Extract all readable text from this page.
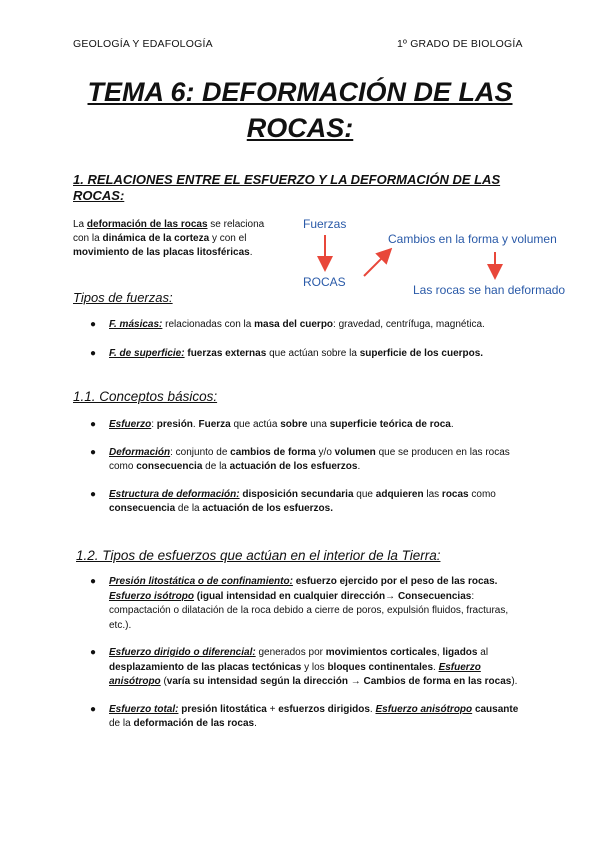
GEOLOGÍA Y EDAFOLOGÍA	1º GRADO DE BIOLOGÍA
TEMA 6: DEFORMACIÓN DE LAS
ROCAS:
1. RELACIONES ENTRE EL ESFUERZO Y LA DEFORMACIÓN DE LAS
ROCAS:
La deformación de las rocas se relaciona con la dinámica de la corteza y con el movimiento de las placas litosféricas.
Fuerzas
ROCAS
Cambios en la forma y volumen
Las rocas se han deformado
Tipos de fuerzas:
● F. másicas: relacionadas con la masa del cuerpo: gravedad, centrífuga, magnética.
● F. de superficie: fuerzas externas que actúan sobre la superficie de los cuerpos.
1.1. Conceptos básicos:
● Esfuerzo: presión. Fuerza que actúa sobre una superficie teórica de roca.
● Deformación: conjunto de cambios de forma y/o volumen que se producen en las rocas como consecuencia de la actuación de los esfuerzos.
● Estructura de deformación: disposición secundaria que adquieren las rocas como consecuencia de la actuación de los esfuerzos.
1.2. Tipos de esfuerzos que actúan en el interior de la Tierra:
● Presión litostática o de confinamiento: esfuerzo ejercido por el peso de las rocas. Esfuerzo isótropo (igual intensidad en cualquier dirección→ Consecuencias: compactación o dilatación de la roca debido a cierre de poros, expulsión fluidos, fracturas, etc.).
● Esfuerzo dirigido o diferencial: generados por movimientos corticales, ligados al desplazamiento de las placas tectónicas y los bloques continentales. Esfuerzo anisótropo (varía su intensidad según la dirección → Cambios de forma en las rocas).
● Esfuerzo total: presión litostática + esfuerzos dirigidos. Esfuerzo anisótropo causante de la deformación de las rocas.
